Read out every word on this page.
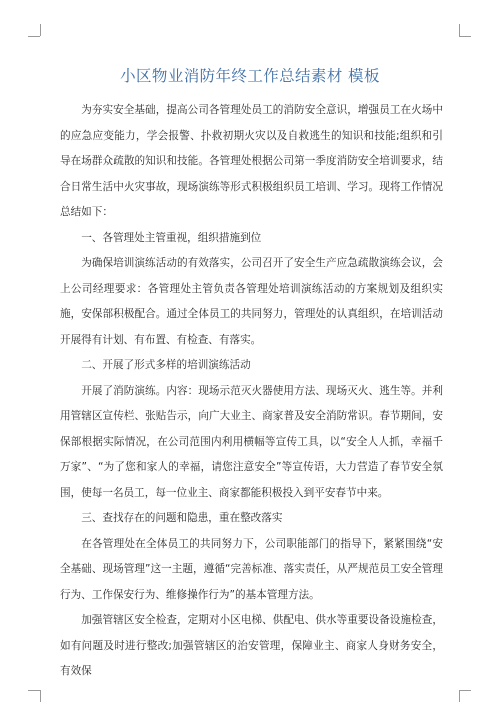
小区物业消防年终工作总结素材 模板

为夯实安全基础，提高公司各管理处员工的消防安全意识，增强员工在火场中的应急应变能力，学会报警、扑救初期火灾以及自救逃生的知识和技能;组织和引导在场群众疏散的知识和技能。各管理处根据公司第一季度消防安全培训要求，结合日常生活中火灾事故，现场演练等形式积极组织员工培训、学习。现将工作情况总结如下：

一、各管理处主管重视，组织措施到位

为确保培训演练活动的有效落实，公司召开了安全生产应急疏散演练会议，会上公司经理要求：各管理处主管负责各管理处培训演练活动的方案规划及组织实施，安保部积极配合。通过全体员工的共同努力，管理处的认真组织，在培训活动开展得有计划、有布置、有检查、有落实。

二、开展了形式多样的培训演练活动

开展了消防演练。内容：现场示范灭火器使用方法、现场灭火、逃生等。并利用管辖区宣传栏、张贴告示，向广大业主、商家普及安全消防常识。春节期间，安保部根据实际情况，在公司范围内利用横幅等宣传工具，以“安全人人抓，幸福千万家”、“为了您和家人的幸福，请您注意安全”等宣传语，大力营造了春节安全氛围，使每一名员工，每一位业主、商家都能积极投入到平安春节中来。

三、查找存在的问题和隐患，重在整改落实

在各管理处在全体员工的共同努力下，公司职能部门的指导下，紧紧围绕“安全基础、现场管理”这一主题，遵循“完善标准、落实责任，从严规范员工安全管理行为、工作保安行为、维修操作行为”的基本管理方法。

加强管辖区安全检查，定期对小区电梯、供配电、供水等重要设备设施检查，如有问题及时进行整改;加强管辖区的治安管理，保障业主、商家人身财务安全，有效保
